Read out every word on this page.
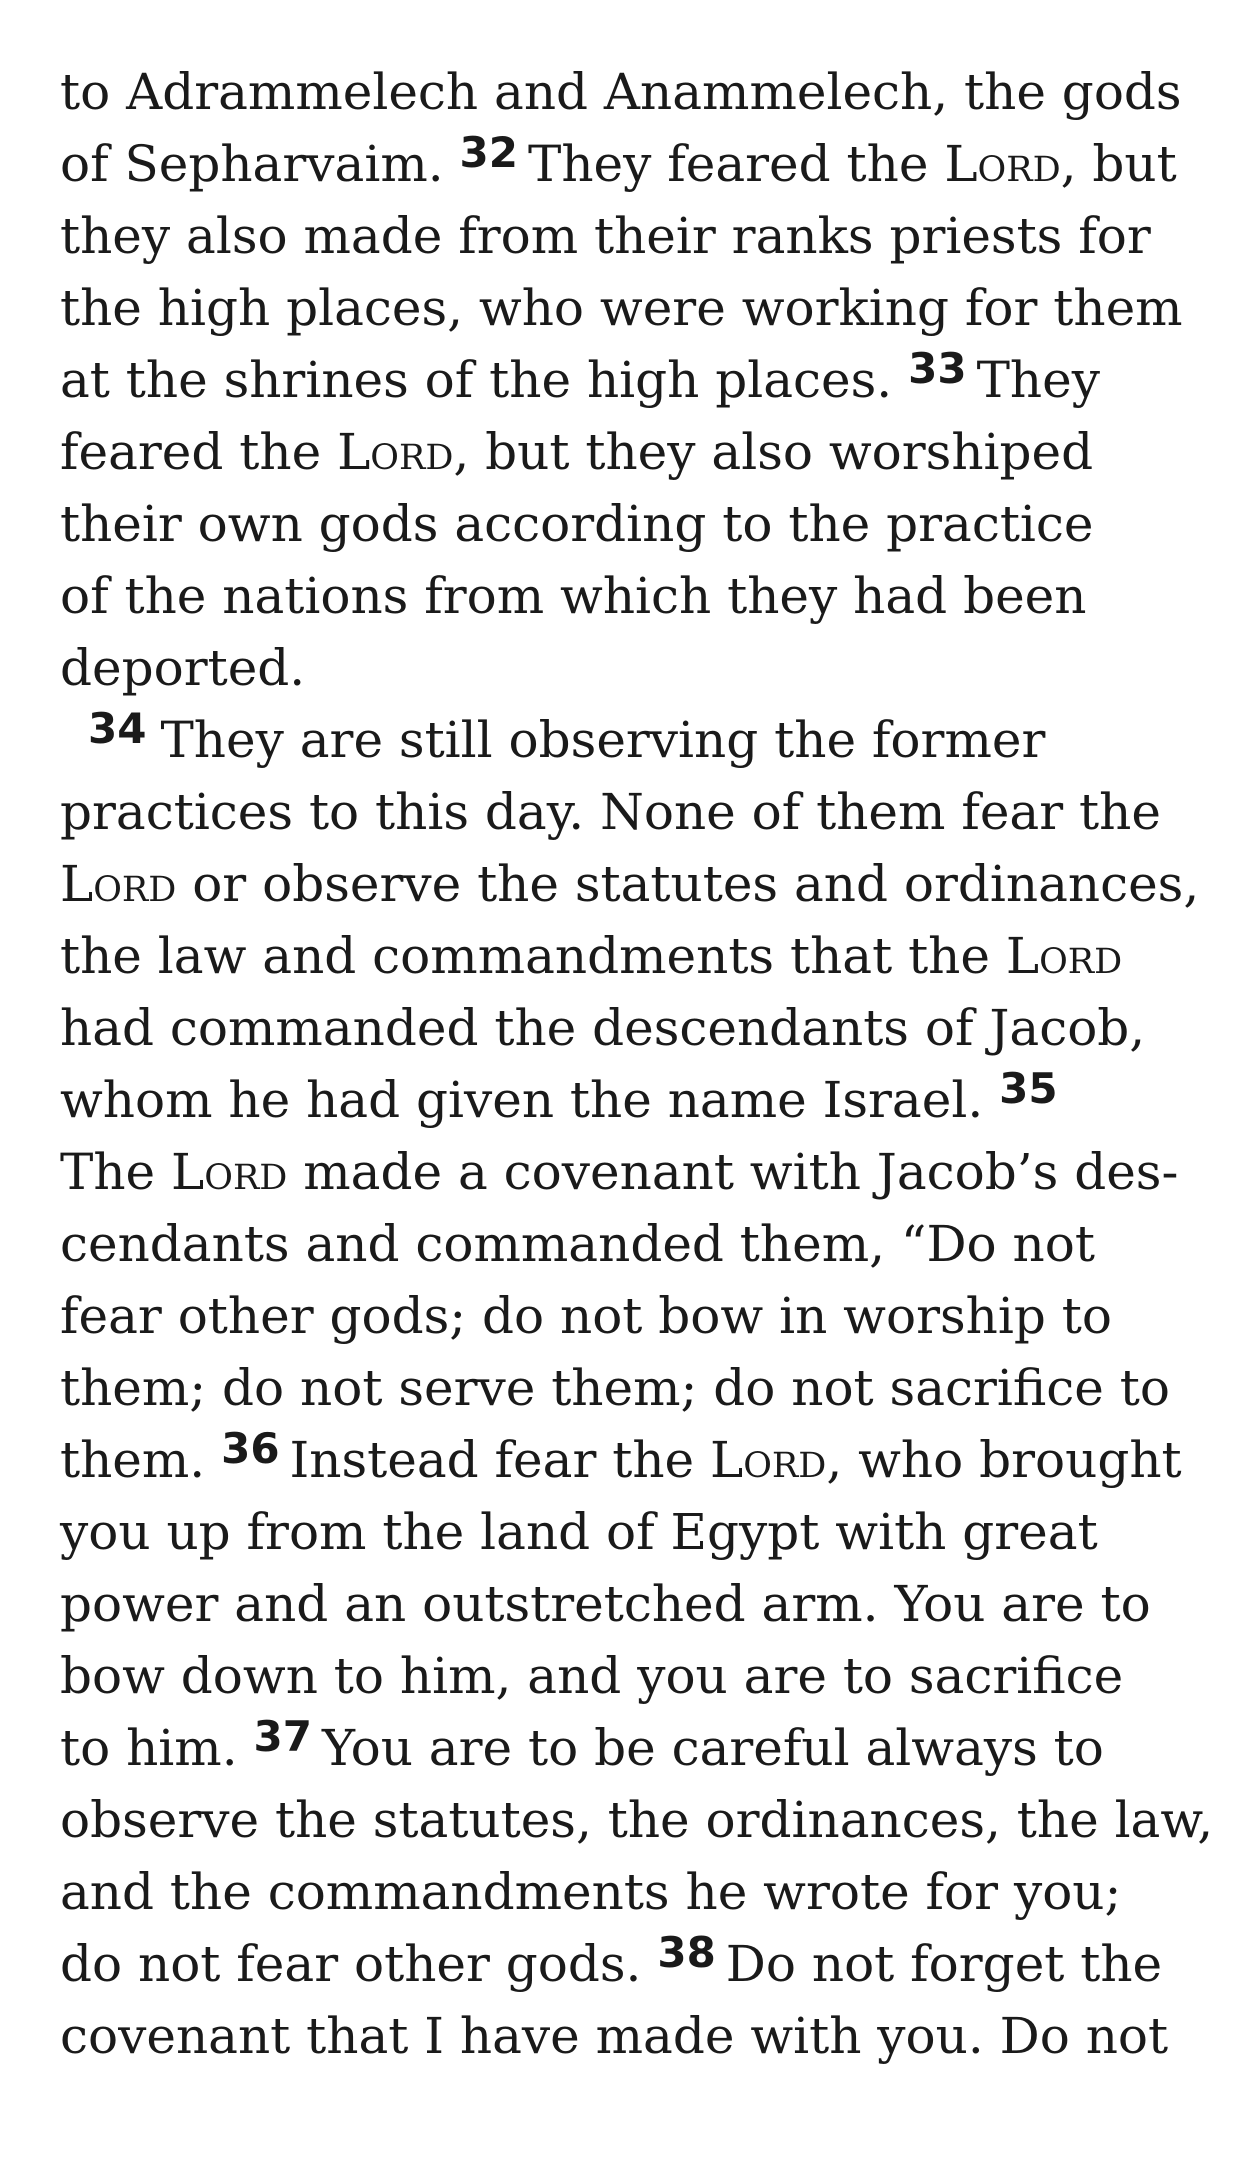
to Adrammelech and Anammelech, the gods
of Sepharvaim. $^{32}$ They feared the Lord, but
they also made from their ranks priests for
the high places, who were working for them
at the shrines of the high places. $^{33}$ They
feared the Lord, but they also worshiped
their own gods according to the practice
of the nations from which they had been
deported.
$^{34}$ They are still observing the former
practices to this day. None of them fear the
Lord or observe the statutes and ordinances,
the law and commandments that the Lord
had commanded the descendants of Jacob,
whom he had given the name Israel. $^{35}$
The Lord made a covenant with Jacob’s des-
cendants and commanded them, “Do not
fear other gods; do not bow in worship to
them; do not serve them; do not sacrifice to
them. $^{36}$ Instead fear the Lord, who brought
you up from the land of Egypt with great
power and an outstretched arm. You are to
bow down to him, and you are to sacrifice
to him. $^{37}$ You are to be careful always to
observe the statutes, the ordinances, the law,
and the commandments he wrote for you;
do not fear other gods. $^{38}$ Do not forget the
covenant that I have made with you. Do not
